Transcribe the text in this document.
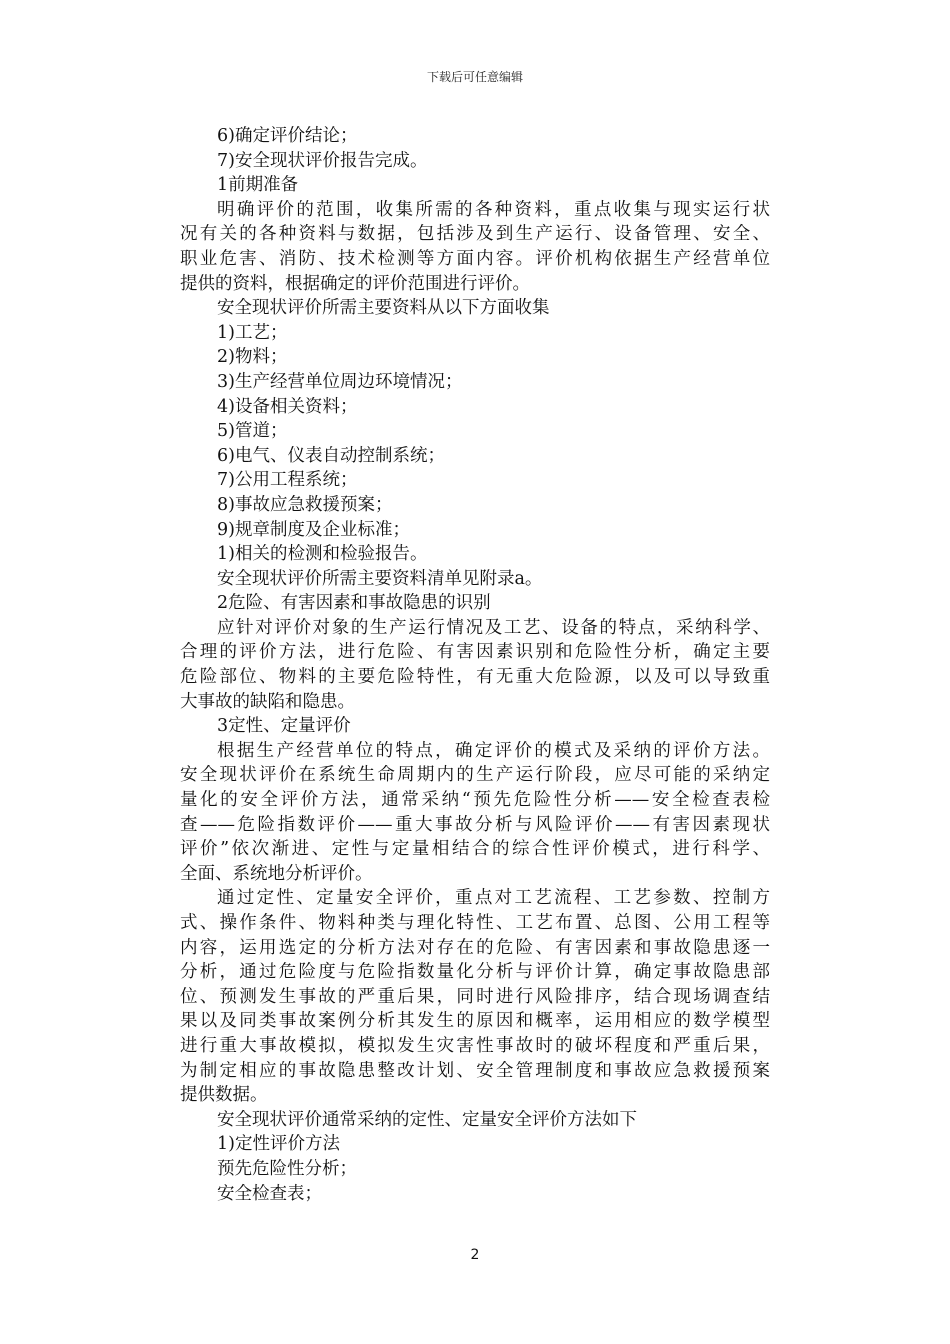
下载后可任意编辑
6)确定评价结论；
7)安全现状评价报告完成。
1前期准备
明确评价的范围，收集所需的各种资料，重点收集与现实运行状
况有关的各种资料与数据，包括涉及到生产运行、设备管理、安全、
职业危害、消防、技术检测等方面内容。评价机构依据生产经营单位
提供的资料，根据确定的评价范围进行评价。
安全现状评价所需主要资料从以下方面收集
1)工艺；
2)物料；
3)生产经营单位周边环境情况；
4)设备相关资料；
5)管道；
6)电气、仪表自动控制系统；
7)公用工程系统；
8)事故应急救援预案；
9)规章制度及企业标准；
1)相关的检测和检验报告。
安全现状评价所需主要资料清单见附录a。
2危险、有害因素和事故隐患的识别
应针对评价对象的生产运行情况及工艺、设备的特点，采纳科学、
合理的评价方法，进行危险、有害因素识别和危险性分析，确定主要
危险部位、物料的主要危险特性，有无重大危险源，以及可以导致重
大事故的缺陷和隐患。
3定性、定量评价
根据生产经营单位的特点，确定评价的模式及采纳的评价方法。
安全现状评价在系统生命周期内的生产运行阶段，应尽可能的采纳定
量化的安全评价方法，通常采纳“预先危险性分析——安全检查表检
查——危险指数评价——重大事故分析与风险评价——有害因素现状
评价”依次渐进、定性与定量相结合的综合性评价模式，进行科学、
全面、系统地分析评价。
通过定性、定量安全评价，重点对工艺流程、工艺参数、控制方
式、操作条件、物料种类与理化特性、工艺布置、总图、公用工程等
内容，运用选定的分析方法对存在的危险、有害因素和事故隐患逐一
分析，通过危险度与危险指数量化分析与评价计算，确定事故隐患部
位、预测发生事故的严重后果，同时进行风险排序，结合现场调查结
果以及同类事故案例分析其发生的原因和概率，运用相应的数学模型
进行重大事故模拟，模拟发生灾害性事故时的破坏程度和严重后果，
为制定相应的事故隐患整改计划、安全管理制度和事故应急救援预案
提供数据。
安全现状评价通常采纳的定性、定量安全评价方法如下
1)定性评价方法
预先危险性分析；
安全检查表；
2
